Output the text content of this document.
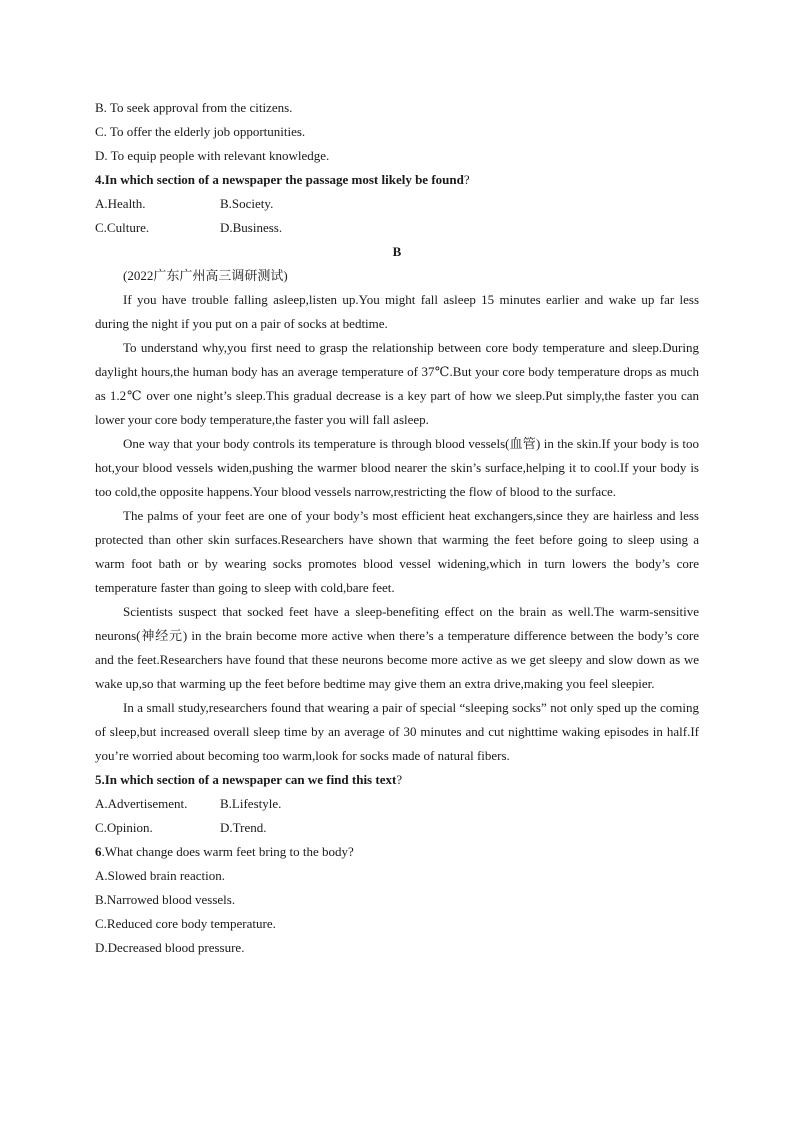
B. To seek approval from the citizens.
C. To offer the elderly job opportunities.
D. To equip people with relevant knowledge.
4.In which section of a newspaper the passage most likely be found?
A.Health.	B.Society.
C.Culture.	D.Business.
B
(2022广东广州高三调研测试)
If you have trouble falling asleep,listen up.You might fall asleep 15 minutes earlier and wake up far less during the night if you put on a pair of socks at bedtime.
To understand why,you first need to grasp the relationship between core body temperature and sleep.During daylight hours,the human body has an average temperature of 37℃.But your core body temperature drops as much as 1.2℃ over one night’s sleep.This gradual decrease is a key part of how we sleep.Put simply,the faster you can lower your core body temperature,the faster you will fall asleep.
One way that your body controls its temperature is through blood vessels(血管) in the skin.If your body is too hot,your blood vessels widen,pushing the warmer blood nearer the skin’s surface,helping it to cool.If your body is too cold,the opposite happens.Your blood vessels narrow,restricting the flow of blood to the surface.
The palms of your feet are one of your body’s most efficient heat exchangers,since they are hairless and less protected than other skin surfaces.Researchers have shown that warming the feet before going to sleep using a warm foot bath or by wearing socks promotes blood vessel widening,which in turn lowers the body’s core temperature faster than going to sleep with cold,bare feet.
Scientists suspect that socked feet have a sleep-benefiting effect on the brain as well.The warm-sensitive neurons(神经元) in the brain become more active when there’s a temperature difference between the body’s core and the feet.Researchers have found that these neurons become more active as we get sleepy and slow down as we wake up,so that warming up the feet before bedtime may give them an extra drive,making you feel sleepier.
In a small study,researchers found that wearing a pair of special “sleeping socks” not only sped up the coming of sleep,but increased overall sleep time by an average of 30 minutes and cut nighttime waking episodes in half.If you’re worried about becoming too warm,look for socks made of natural fibers.
5.In which section of a newspaper can we find this text?
A.Advertisement.	B.Lifestyle.
C.Opinion.	D.Trend.
6.What change does warm feet bring to the body?
A.Slowed brain reaction.
B.Narrowed blood vessels.
C.Reduced core body temperature.
D.Decreased blood pressure.
